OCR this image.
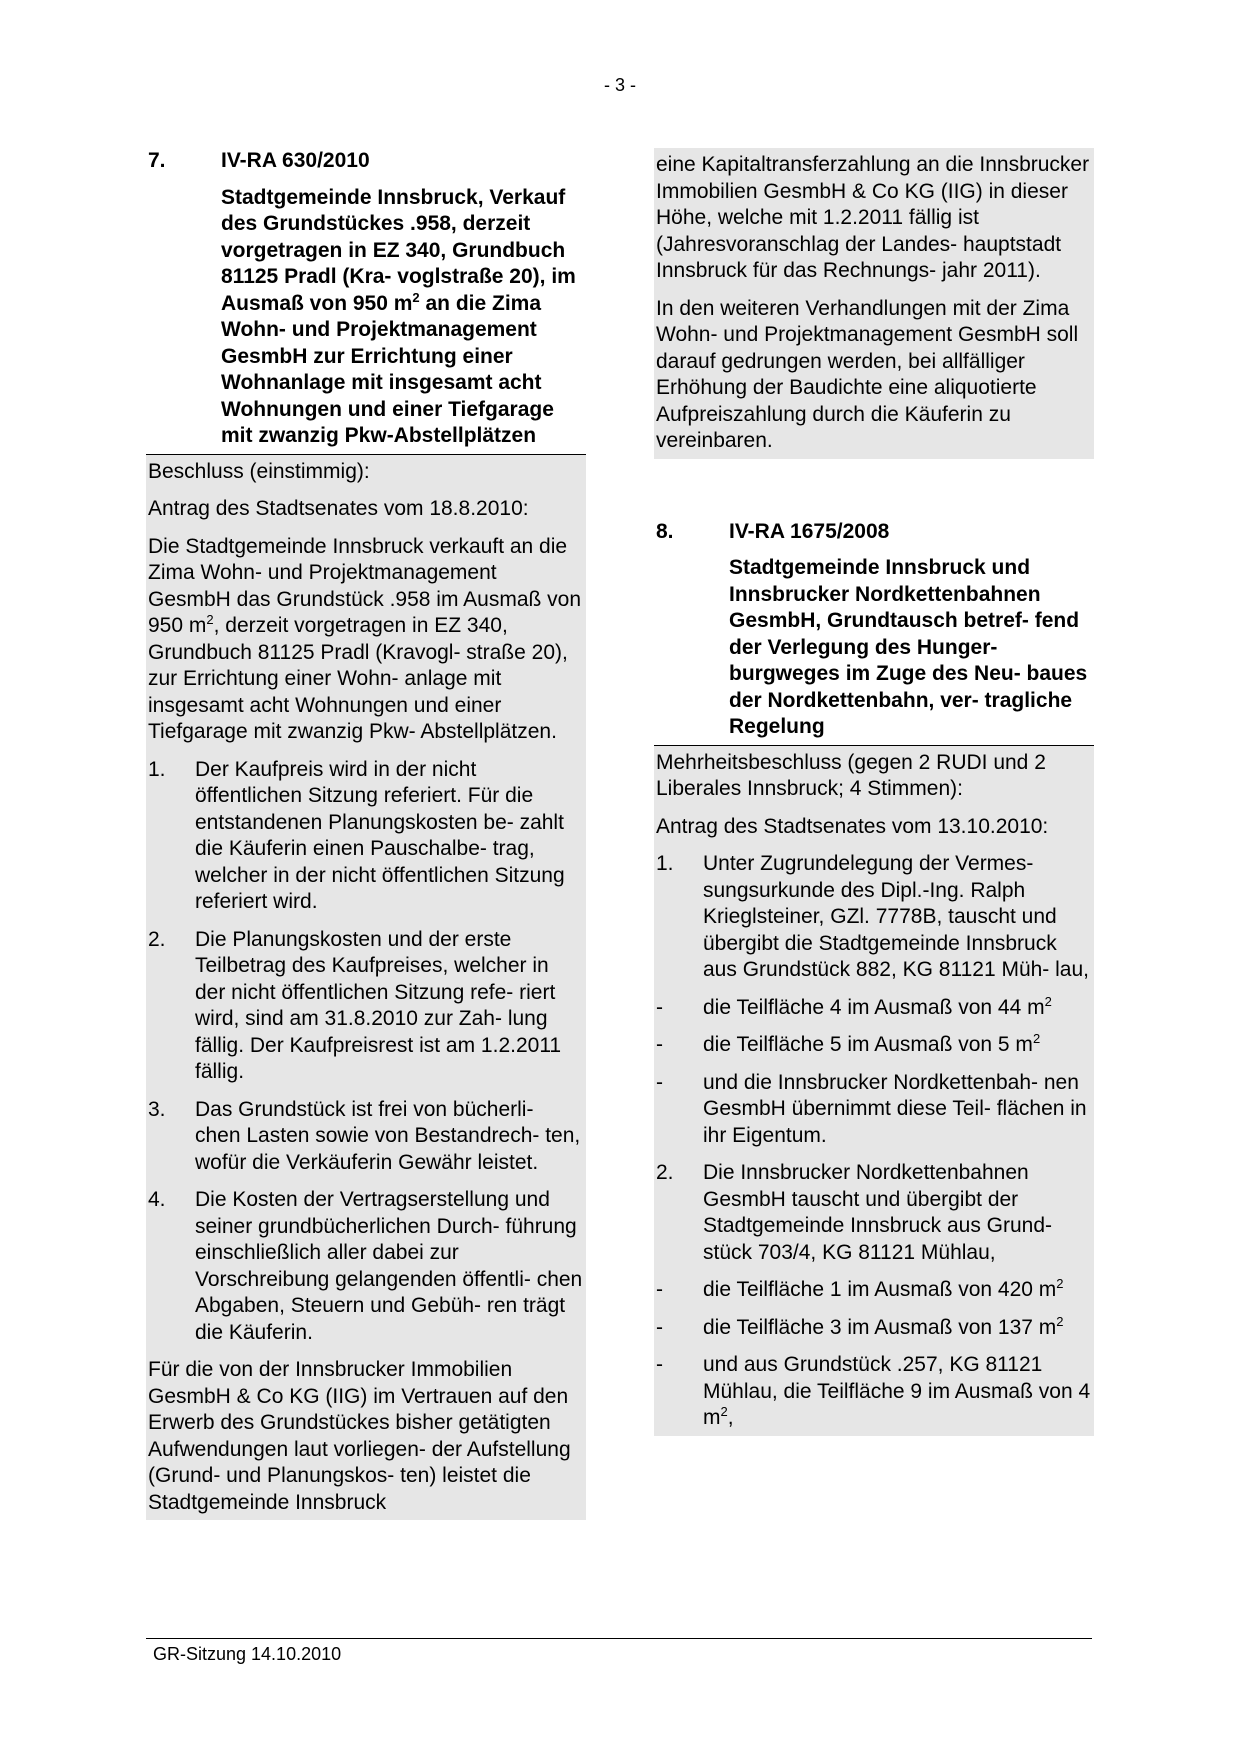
- 3 -
7.	IV-RA 630/2010
Stadtgemeinde Innsbruck, Verkauf des Grundstückes .958, derzeit vorgetragen in EZ 340, Grundbuch 81125 Pradl (Kra- voglstraße 20), im Ausmaß von 950 $m^2$ an die Zima Wohn- und Projektmanagement GesmbH zur Errichtung einer Wohnanlage mit insgesamt acht Wohnungen und einer Tiefgarage mit zwanzig Pkw-Abstellplätzen

Beschluss (einstimmig):

Antrag des Stadtsenates vom 18.8.2010:

Die Stadtgemeinde Innsbruck verkauft an die Zima Wohn- und Projektmanagement GesmbH das Grundstück .958 im Ausmaß von 950 $m^2$, derzeit vorgetragen in EZ 340, Grundbuch 81125 Pradl (Kravogl- straße 20), zur Errichtung einer Wohn- anlage mit insgesamt acht Wohnungen und einer Tiefgarage mit zwanzig Pkw- Abstellplätzen.

1.	Der Kaufpreis wird in der nicht öffentlichen Sitzung referiert. Für die entstandenen Planungskosten be- zahlt die Käuferin einen Pauschalbe- trag, welcher in der nicht öffentlichen Sitzung referiert wird.
2.	Die Planungskosten und der erste Teilbetrag des Kaufpreises, welcher in der nicht öffentlichen Sitzung refe- riert wird, sind am 31.8.2010 zur Zah- lung fällig. Der Kaufpreisrest ist am 1.2.2011 fällig.
3.	Das Grundstück ist frei von bücherli- chen Lasten sowie von Bestandrech- ten, wofür die Verkäuferin Gewähr leistet.
4.	Die Kosten der Vertragserstellung und seiner grundbücherlichen Durch- führung einschließlich aller dabei zur Vorschreibung gelangenden öffentli- chen Abgaben, Steuern und Gebüh- ren trägt die Käuferin.

Für die von der Innsbrucker Immobilien GesmbH & Co KG (IIG) im Vertrauen auf den Erwerb des Grundstückes bisher getätigten Aufwendungen laut vorliegen- der Aufstellung (Grund- und Planungskos- ten) leistet die Stadtgemeinde Innsbruck

eine Kapitaltransferzahlung an die Innsbrucker Immobilien GesmbH & Co KG (IIG) in dieser Höhe, welche mit 1.2.2011 fällig ist (Jahresvoranschlag der Landes- hauptstadt Innsbruck für das Rechnungs- jahr 2011).

In den weiteren Verhandlungen mit der Zima Wohn- und Projektmanagement GesmbH soll darauf gedrungen werden, bei allfälliger Erhöhung der Baudichte eine aliquotierte Aufpreiszahlung durch die Käuferin zu vereinbaren.

8.	IV-RA 1675/2008
Stadtgemeinde Innsbruck und Innsbrucker Nordkettenbahnen GesmbH, Grundtausch betref- fend der Verlegung des Hunger- burgweges im Zuge des Neu- baues der Nordkettenbahn, ver- tragliche Regelung

Mehrheitsbeschluss (gegen 2 RUDI und 2 Liberales Innsbruck; 4 Stimmen):

Antrag des Stadtsenates vom 13.10.2010:

1.	Unter Zugrundelegung der Vermes- sungsurkunde des Dipl.-Ing. Ralph Krieglsteiner, GZl. 7778B, tauscht und übergibt die Stadtgemeinde Innsbruck aus Grundstück 882, KG 81121 Müh- lau,
-	die Teilfläche 4 im Ausmaß von 44 $m^2$
-	die Teilfläche 5 im Ausmaß von 5 $m^2$
-	und die Innsbrucker Nordkettenbah- nen GesmbH übernimmt diese Teil- flächen in ihr Eigentum.
2.	Die Innsbrucker Nordkettenbahnen GesmbH tauscht und übergibt der Stadtgemeinde Innsbruck aus Grund- stück 703/4, KG 81121 Mühlau,
-	die Teilfläche 1 im Ausmaß von 420 $m^2$
-	die Teilfläche 3 im Ausmaß von 137 $m^2$
-	und aus Grundstück .257, KG 81121 Mühlau, die Teilfläche 9 im Ausmaß von 4 $m^2$,
GR-Sitzung 14.10.2010
